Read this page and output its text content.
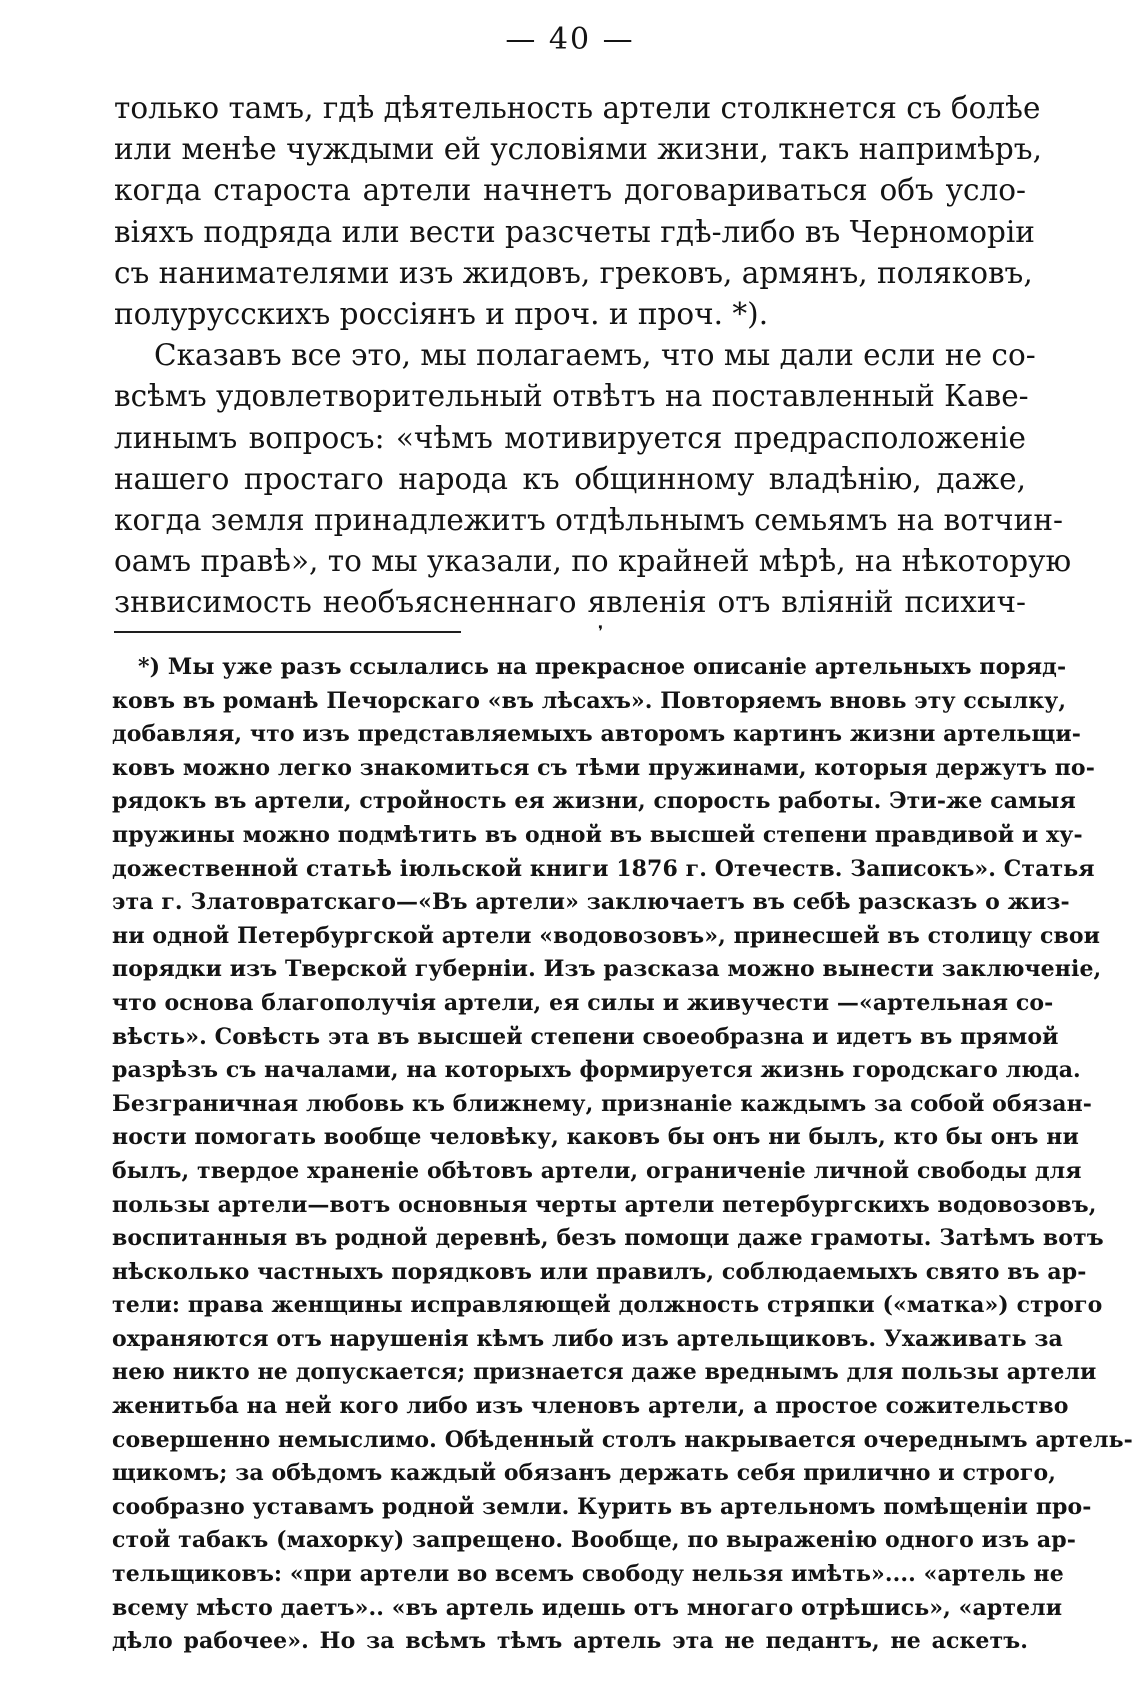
— 40 —
только тамъ, гдѣ дѣятельность артели столкнется съ болѣе
или менѣе чуждыми ей условіями жизни, такъ напримѣръ,
когда староста артели начнетъ договариваться объ усло-
віяхъ подряда или вести разсчеты гдѣ-либо въ Черноморіи
съ нанимателями изъ жидовъ, грековъ, армянъ, поляковъ,
полурусскихъ россіянъ и проч. и проч. *).
Сказавъ все это, мы полагаемъ, что мы дали если не со-
всѣмъ удовлетворительный отвѣтъ на поставленный Каве-
линымъ вопросъ: «чѣмъ мотивируется предрасположеніе
нашего простаго народа къ общинному владѣнію, даже,
когда земля принадлежитъ отдѣльнымъ семьямъ на вотчин-
оамъ правѣ», то мы указали, по крайней мѣрѣ, на нѣкоторую
знвисимость необъясненнаго явленія отъ вліяній психич-
❜
*) Мы уже разъ ссылались на прекрасное описаніе артельныхъ поряд-
ковъ въ романѣ Печорскаго «въ лѣсахъ». Повторяемъ вновь эту ссылку,
добавляя, что изъ представляемыхъ авторомъ картинъ жизни артельщи-
ковъ можно легко знакомиться съ тѣми пружинами, которыя держутъ по-
рядокъ въ артели, стройность ея жизни, спорость работы. Эти-же самыя
пружины можно подмѣтить въ одной въ высшей степени правдивой и ху-
дожественной статьѣ іюльской книги 1876 г. Отечеств. Записокъ». Статья
эта г. Златовратскаго—«Въ артели» заключаетъ въ себѣ разсказъ о жиз-
ни одной Петербургской артели «водовозовъ», принесшей въ столицу свои
порядки изъ Тверской губерніи. Изъ разсказа можно вынести заключеніе,
что основа благополучія артели, ея силы и живучести —«артельная со-
вѣсть». Совѣсть эта въ высшей степени своеобразна и идетъ въ прямой
разрѣзъ съ началами, на которыхъ формируется жизнь городскаго люда.
Безграничная любовь къ ближнему, признаніе каждымъ за собой обязан-
ности помогать вообще человѣку, каковъ бы онъ ни былъ, кто бы онъ ни
былъ, твердое храненіе обѣтовъ артели, ограниченіе личной свободы для
пользы артели—вотъ основныя черты артели петербургскихъ водовозовъ,
воспитанныя въ родной деревнѣ, безъ помощи даже грамоты. Затѣмъ вотъ
нѣсколько частныхъ порядковъ или правилъ, соблюдаемыхъ свято въ ар-
тели: права женщины исправляющей должность стряпки («матка») строго
охраняются отъ нарушенія кѣмъ либо изъ артельщиковъ. Ухаживать за
нею никто не допускается; признается даже вреднымъ для пользы артели
женитьба на ней кого либо изъ членовъ артели, а простое сожительство
совершенно немыслимо. Обѣденный столъ накрывается очереднымъ артель-
щикомъ; за обѣдомъ каждый обязанъ держать себя прилично и строго,
сообразно уставамъ родной земли. Курить въ артельномъ помѣщеніи про-
стой табакъ (махорку) запрещено. Вообще, по выраженію одного изъ ар-
тельщиковъ: «при артели во всемъ свободу нельзя имѣть».... «артель не
всему мѣсто даетъ».. «въ артель идешь отъ многаго отрѣшись», «артели
дѣло рабочее». Но за всѣмъ тѣмъ артель эта не педантъ, не аскетъ.
